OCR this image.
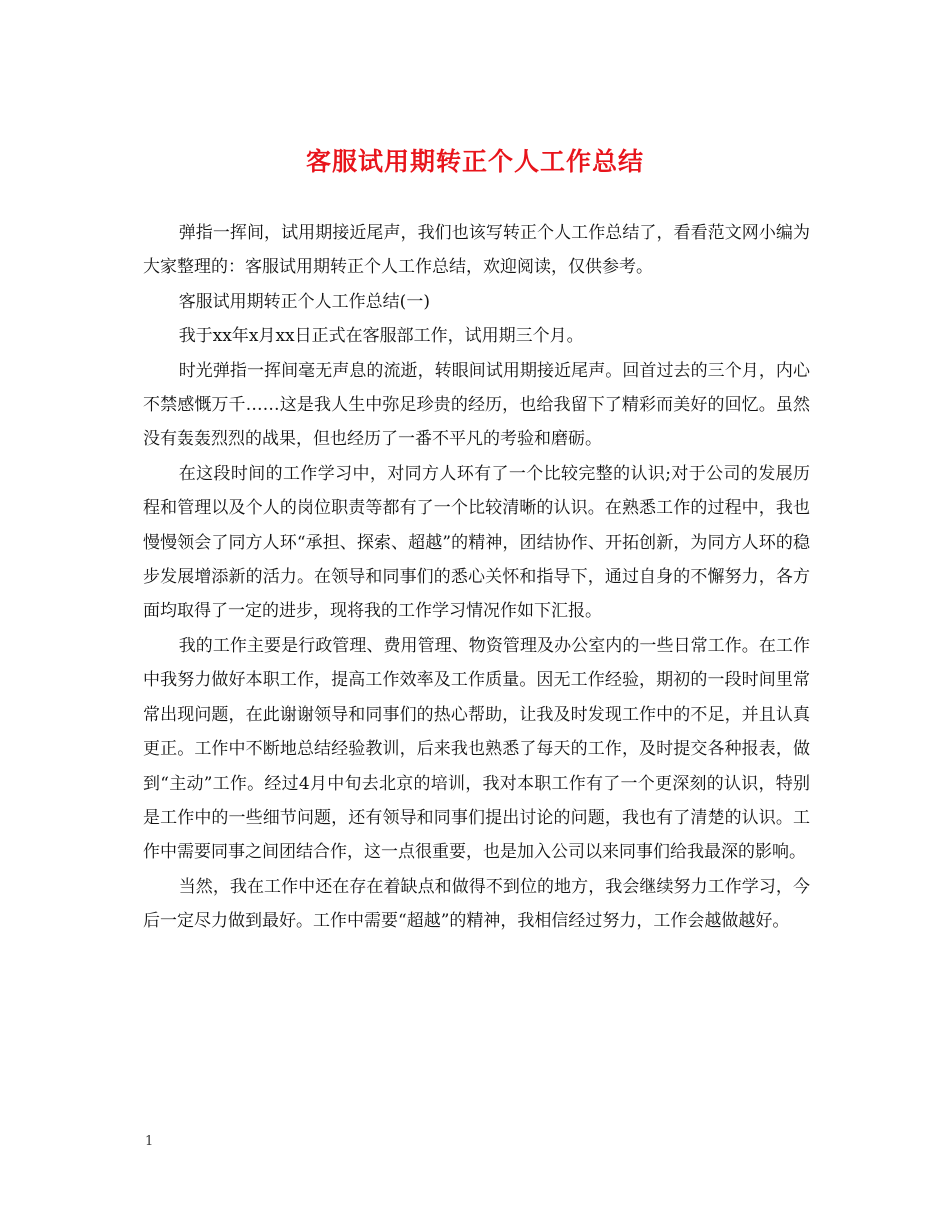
客服试用期转正个人工作总结

弹指一挥间，试用期接近尾声，我们也该写转正个人工作总结了，看看范文网小编为大家整理的：客服试用期转正个人工作总结，欢迎阅读，仅供参考。

客服试用期转正个人工作总结(一)

我于xx年x月xx日正式在客服部工作，试用期三个月。

时光弹指一挥间毫无声息的流逝，转眼间试用期接近尾声。回首过去的三个月，内心不禁感慨万千……这是我人生中弥足珍贵的经历，也给我留下了精彩而美好的回忆。虽然没有轰轰烈烈的战果，但也经历了一番不平凡的考验和磨砺。

在这段时间的工作学习中，对同方人环有了一个比较完整的认识;对于公司的发展历程和管理以及个人的岗位职责等都有了一个比较清晰的认识。在熟悉工作的过程中，我也慢慢领会了同方人环“承担、探索、超越”的精神，团结协作、开拓创新，为同方人环的稳步发展增添新的活力。在领导和同事们的悉心关怀和指导下，通过自身的不懈努力，各方面均取得了一定的进步，现将我的工作学习情况作如下汇报。

我的工作主要是行政管理、费用管理、物资管理及办公室内的一些日常工作。在工作中我努力做好本职工作，提高工作效率及工作质量。因无工作经验，期初的一段时间里常常出现问题，在此谢谢领导和同事们的热心帮助，让我及时发现工作中的不足，并且认真更正。工作中不断地总结经验教训，后来我也熟悉了每天的工作，及时提交各种报表，做到“主动”工作。经过4月中旬去北京的培训，我对本职工作有了一个更深刻的认识，特别是工作中的一些细节问题，还有领导和同事们提出讨论的问题，我也有了清楚的认识。工作中需要同事之间团结合作，这一点很重要，也是加入公司以来同事们给我最深的影响。

当然，我在工作中还在存在着缺点和做得不到位的地方，我会继续努力工作学习，今后一定尽力做到最好。工作中需要“超越”的精神，我相信经过努力，工作会越做越好。

1
